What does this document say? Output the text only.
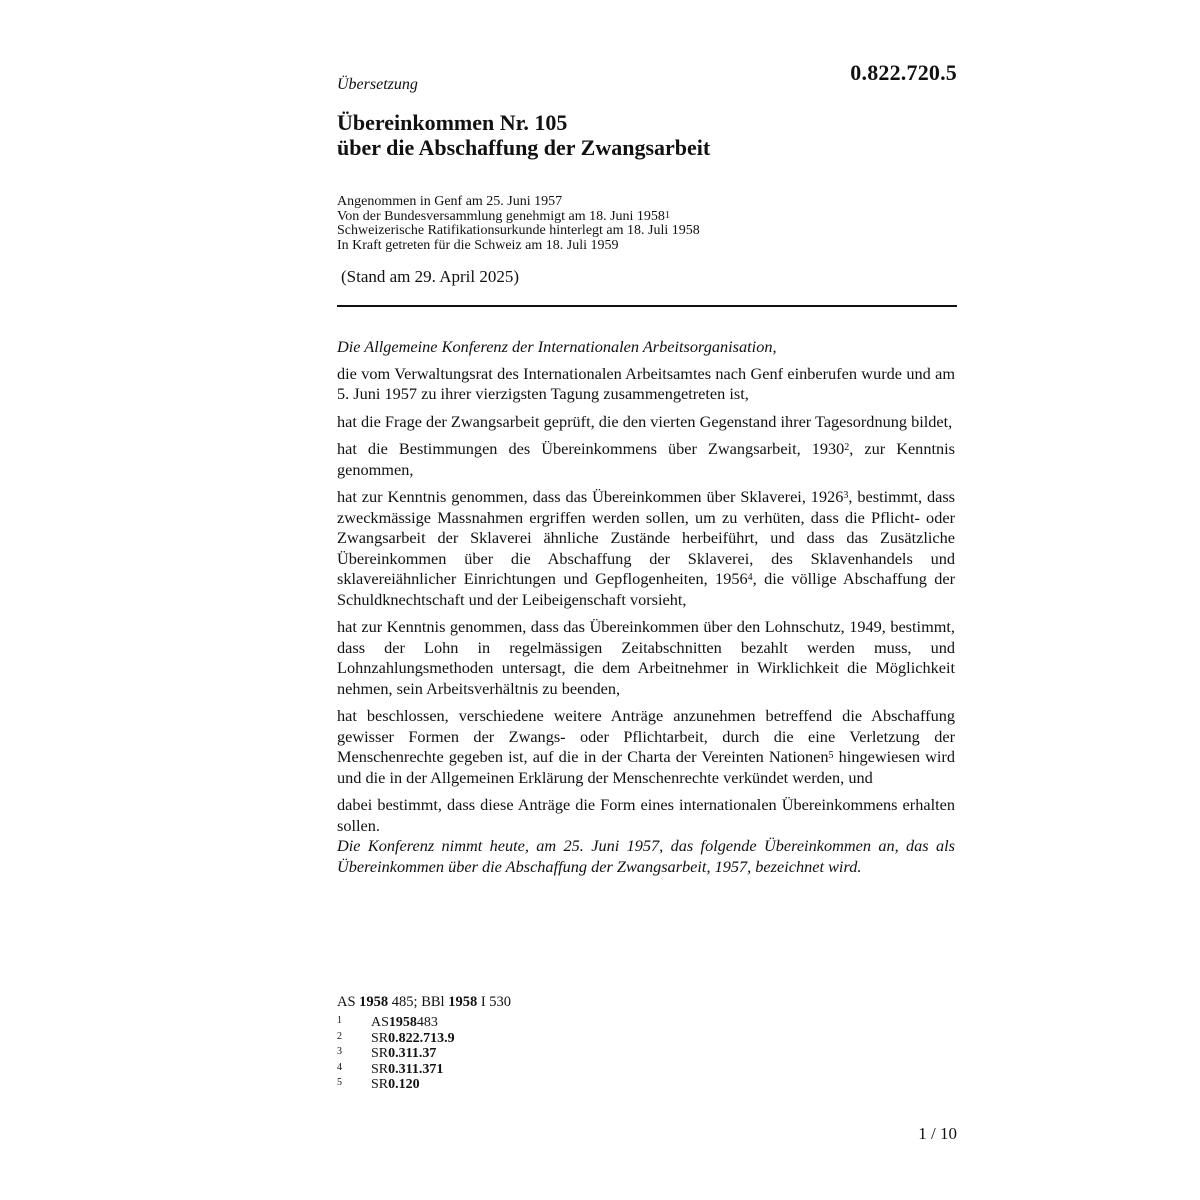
0.822.720.5
Übersetzung
Übereinkommen Nr. 105
über die Abschaffung der Zwangsarbeit
Angenommen in Genf am 25. Juni 1957
Von der Bundesversammlung genehmigt am 18. Juni 1958$^1$
Schweizerische Ratifikationsurkunde hinterlegt am 18. Juli 1958
In Kraft getreten für die Schweiz am 18. Juli 1959
(Stand am 29. April 2025)

Die Allgemeine Konferenz der Internationalen Arbeitsorganisation,

die vom Verwaltungsrat des Internationalen Arbeitsamtes nach Genf einberufen wurde und am 5. Juni 1957 zu ihrer vierzigsten Tagung zusammengetreten ist,

hat die Frage der Zwangsarbeit geprüft, die den vierten Gegenstand ihrer Tagesordnung bildet,

hat die Bestimmungen des Übereinkommens über Zwangsarbeit, 1930$^2$, zur Kenntnis genommen,

hat zur Kenntnis genommen, dass das Übereinkommen über Sklaverei, 1926$^3$, bestimmt, dass zweckmässige Massnahmen ergriffen werden sollen, um zu verhüten, dass die Pflicht- oder Zwangsarbeit der Sklaverei ähnliche Zustände herbeiführt, und dass das Zusätzliche Übereinkommen über die Abschaffung der Sklaverei, des Sklavenhandels und sklavereiähnlicher Einrichtungen und Gepflogenheiten, 1956$^4$, die völlige Abschaffung der Schuldknechtschaft und der Leibeigenschaft vorsieht,

hat zur Kenntnis genommen, dass das Übereinkommen über den Lohnschutz, 1949, bestimmt, dass der Lohn in regelmässigen Zeitabschnitten bezahlt werden muss, und Lohnzahlungsmethoden untersagt, die dem Arbeitnehmer in Wirklichkeit die Möglichkeit nehmen, sein Arbeitsverhältnis zu beenden,

hat beschlossen, verschiedene weitere Anträge anzunehmen betreffend die Abschaffung gewisser Formen der Zwangs- oder Pflichtarbeit, durch die eine Verletzung der Menschenrechte gegeben ist, auf die in der Charta der Vereinten Nationen$^5$ hingewiesen wird und die in der Allgemeinen Erklärung der Menschenrechte verkündet werden, und

dabei bestimmt, dass diese Anträge die Form eines internationalen Übereinkommens erhalten sollen.

Die Konferenz nimmt heute, am 25. Juni 1957, das folgende Übereinkommen an, das als Übereinkommen über die Abschaffung der Zwangsarbeit, 1957, bezeichnet wird.

AS 1958 485; BBl 1958 I 530
1	AS 1958 483
2	SR 0.822.713.9
3	SR 0.311.37
4	SR 0.311.371
5	SR 0.120
1 / 10
